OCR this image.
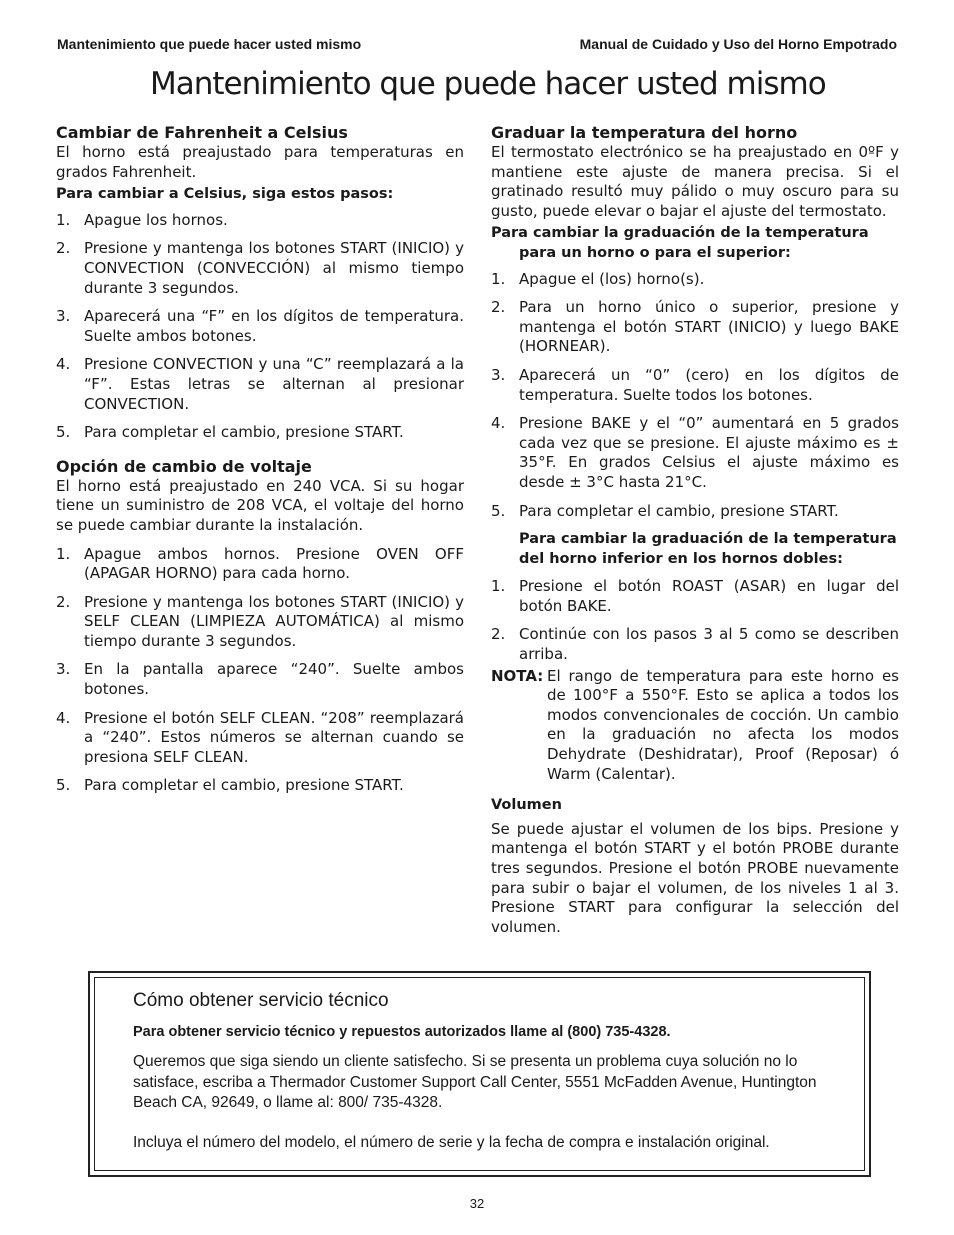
Mantenimiento que puede hacer usted mismo	Manual de Cuidado y Uso del Horno Empotrado
Mantenimiento que puede hacer usted mismo
Cambiar de Fahrenheit a Celsius

El horno está preajustado para temperaturas en grados Fahrenheit.

Para cambiar a Celsius, siga estos pasos:

1. Apague los hornos.
2. Presione y mantenga los botones START (INICIO) y CONVECTION (CONVECCIÓN) al mismo tiempo durante 3 segundos.
3. Aparecerá una “F” en los dígitos de temperatura. Suelte ambos botones.
4. Presione CONVECTION y una “C” reemplazará a la “F”. Estas letras se alternan al presionar CONVECTION.
5. Para completar el cambio, presione START.
Opción de cambio de voltaje

El horno está preajustado en 240 VCA. Si su hogar tiene un suministro de 208 VCA, el voltaje del horno se puede cambiar durante la instalación.

1. Apague ambos hornos. Presione OVEN OFF (APAGAR HORNO) para cada horno.
2. Presione y mantenga los botones START (INICIO) y SELF CLEAN (LIMPIEZA AUTOMÁTICA) al mismo tiempo durante 3 segundos.
3. En la pantalla aparece “240”. Suelte ambos botones.
4. Presione el botón SELF CLEAN. “208” reemplazará a “240”. Estos números se alternan cuando se presiona SELF CLEAN.
5. Para completar el cambio, presione START.
Graduar la temperatura del horno

El termostato electrónico se ha preajustado en 0ºF y mantiene este ajuste de manera precisa. Si el gratinado resultó muy pálido o muy oscuro para su gusto, puede elevar o bajar el ajuste del termostato.

Para cambiar la graduación de la temperatura para un horno o para el superior:

1. Apague el (los) horno(s).
2. Para un horno único o superior, presione y mantenga el botón START (INICIO) y luego BAKE (HORNEAR).
3. Aparecerá un “0” (cero) en los dígitos de temperatura. Suelte todos los botones.
4. Presione BAKE y el “0” aumentará en 5 grados cada vez que se presione. El ajuste máximo es ± 35°F. En grados Celsius el ajuste máximo es desde ± 3°C hasta 21°C.
5. Para completar el cambio, presione START.

Para cambiar la graduación de la temperatura del horno inferior en los hornos dobles:

1. Presione el botón ROAST (ASAR) en lugar del botón BAKE.
2. Continúe con los pasos 3 al 5 como se describen arriba.
NOTA: El rango de temperatura para este horno es de 100°F a 550°F. Esto se aplica a todos los modos convencionales de cocción. Un cambio en la graduación no afecta los modos Dehydrate (Deshidratar), Proof (Reposar) ó Warm (Calentar).
Volumen

Se puede ajustar el volumen de los bips. Presione y mantenga el botón START y el botón PROBE durante tres segundos. Presione el botón PROBE nuevamente para subir o bajar el volumen, de los niveles 1 al 3. Presione START para configurar la selección del volumen.

Cómo obtener servicio técnico

Para obtener servicio técnico y repuestos autorizados llame al (800) 735-4328.

Queremos que siga siendo un cliente satisfecho. Si se presenta un problema cuya solución no lo satisface, escriba a Thermador Customer Support Call Center, 5551 McFadden Avenue, Huntington Beach CA, 92649, o llame al: 800/ 735-4328.

Incluya el número del modelo, el número de serie y la fecha de compra e instalación original.

32
